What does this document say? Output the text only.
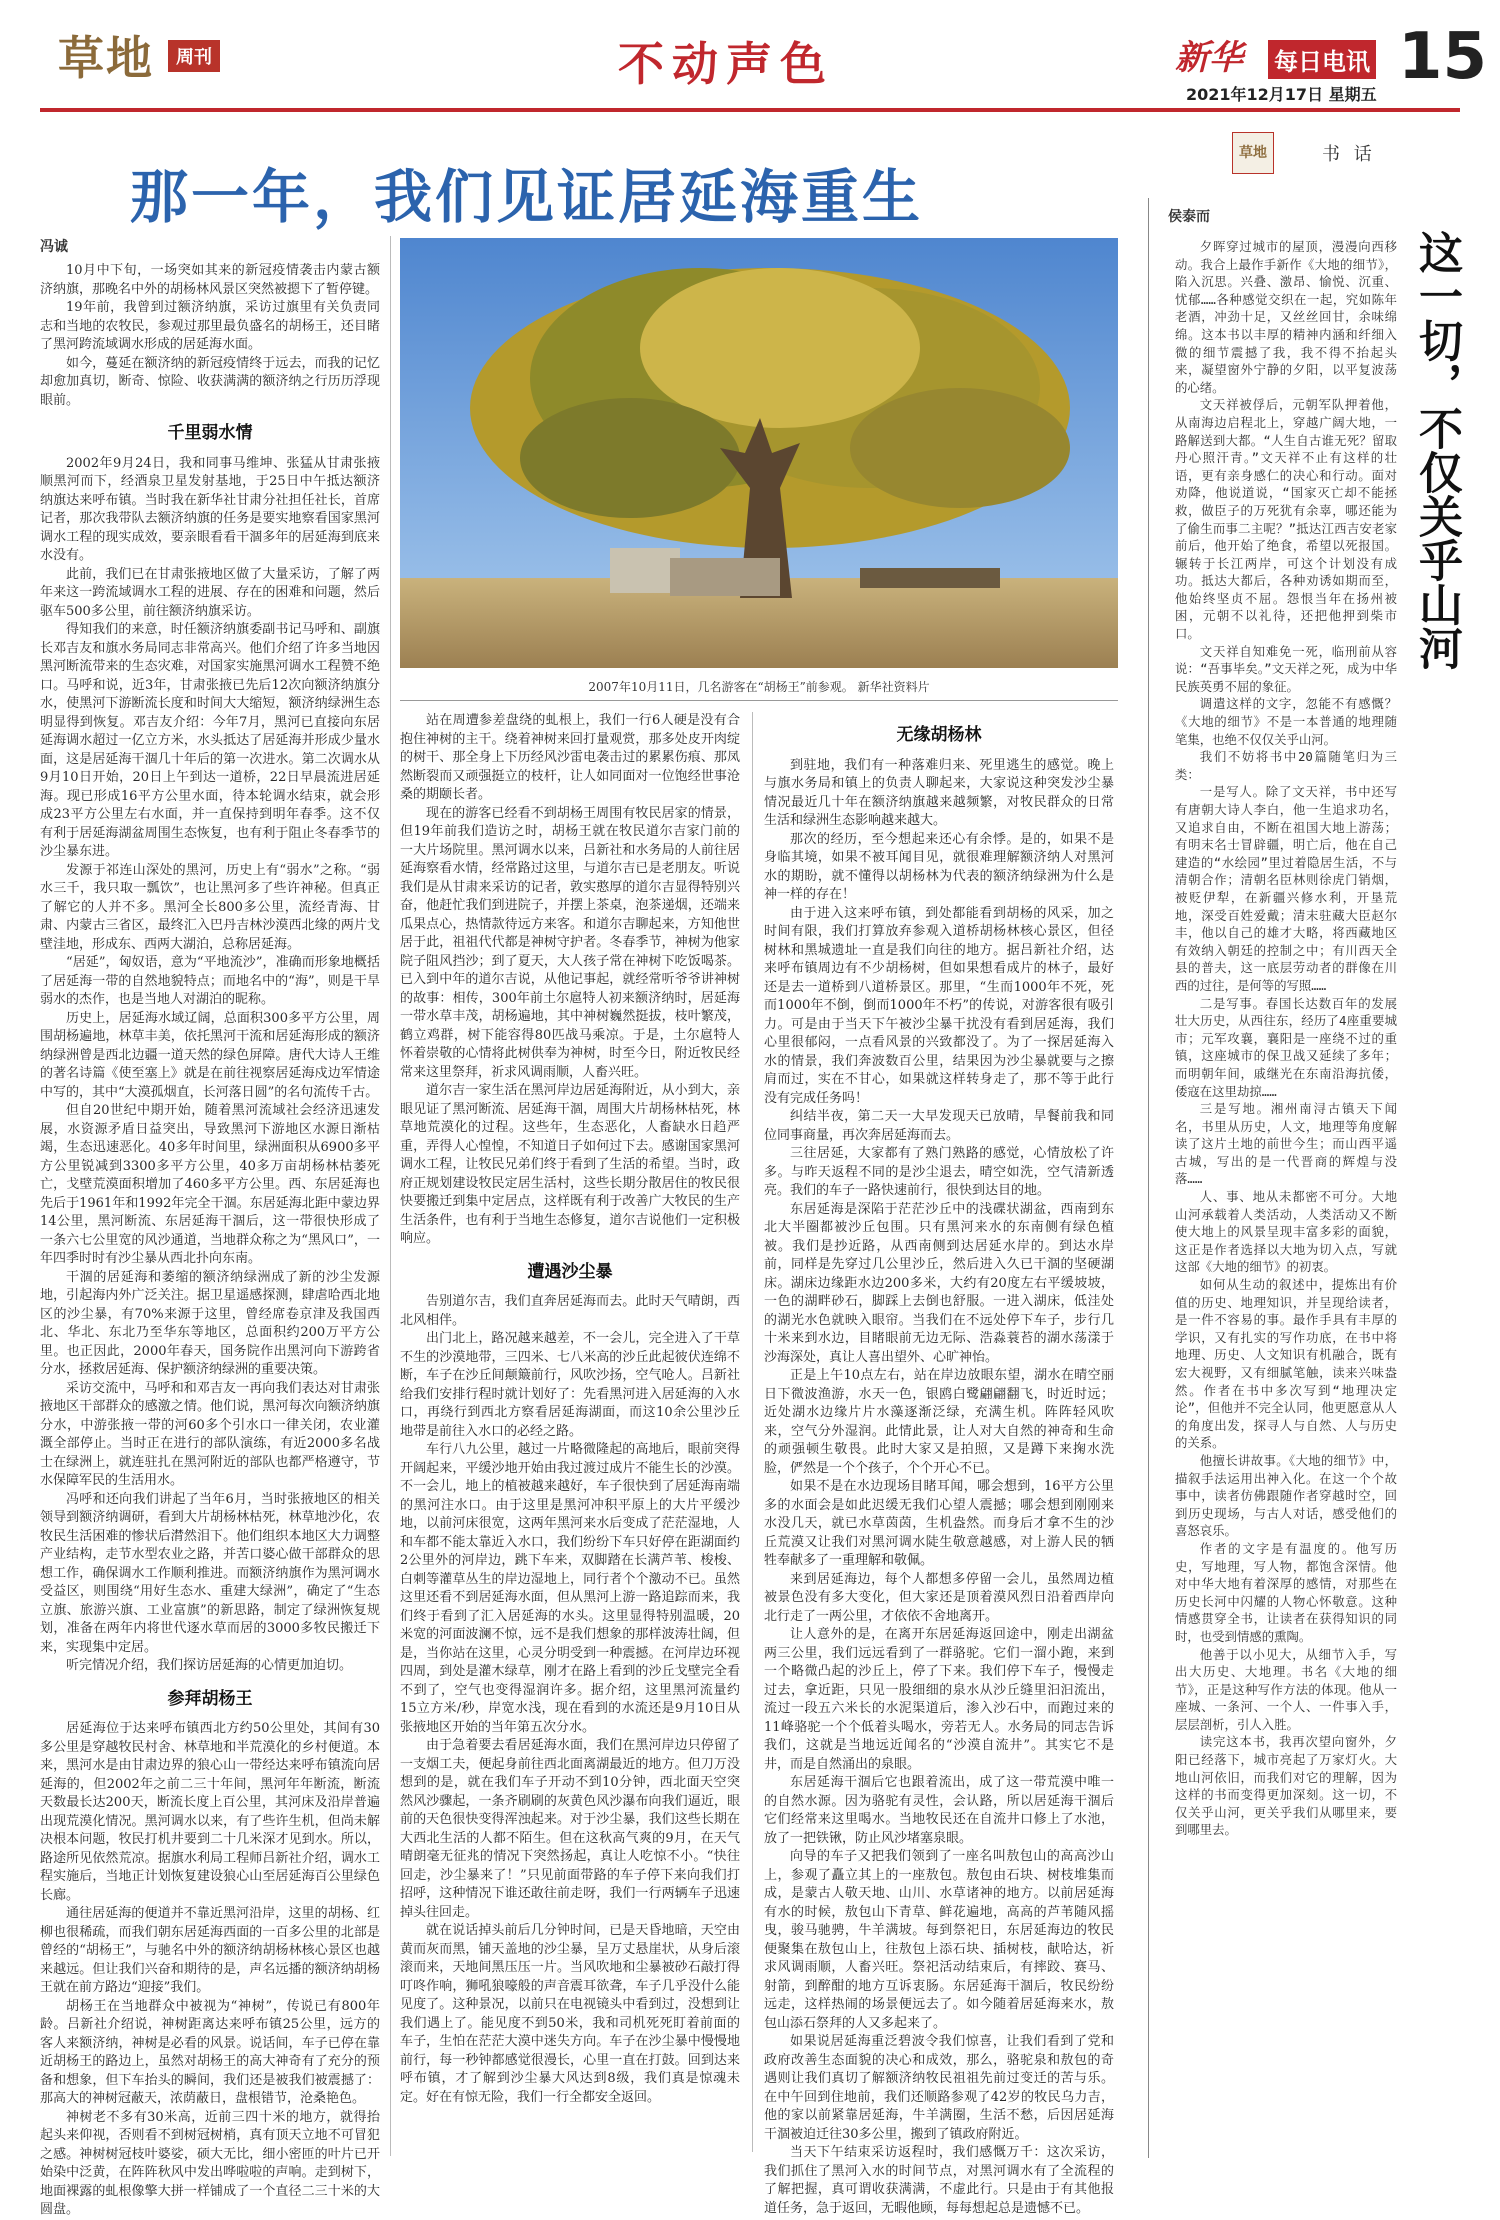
草地	周刊	不动声色	新华 每日电讯 15
2021年12月17日 星期五
那一年，我们见证居延海重生
草地	书 话
冯诚

10月中下旬，一场突如其来的新冠疫情袭击内蒙古额济纳旗，那晚名中外的胡杨林风景区突然被摁下了暂停键。

19年前，我曾到过额济纳旗，采访过旗里有关负责同志和当地的农牧民，参观过那里最负盛名的胡杨王，还目睹了黑河跨流域调水形成的居延海水面。

如今，蔓延在额济纳的新冠疫情终于远去，而我的记忆却愈加真切，断奇、惊险、收获满满的额济纳之行历历浮现眼前。

千里弱水情

2002年9月24日，我和同事马维坤、张猛从甘肃张掖顺黑河而下，经酒泉卫星发射基地，于25日中午抵达额济纳旗达来呼布镇。当时我在新华社甘肃分社担任社长，首席记者，那次我带队去额济纳旗的任务是要实地察看国家黑河调水工程的现实成效，要亲眼看看干涸多年的居延海到底来水没有。

此前，我们已在甘肃张掖地区做了大量采访，了解了两年来这一跨流域调水工程的进展、存在的困难和问题，然后驱车500多公里，前往额济纳旗采访。

得知我们的来意，时任额济纳旗委副书记马呼和、副旗长邓吉友和旗水务局同志非常高兴。他们介绍了许多当地因黑河断流带来的生态灾难，对国家实施黑河调水工程赞不绝口。马呼和说，近3年，甘肃张掖已先后12次向额济纳旗分水，使黑河下游断流长度和时间大大缩短，额济纳绿洲生态明显得到恢复。邓吉友介绍：今年7月，黑河已直接向东居延海调水超过一亿立方米，水头抵达了居延海并形成少量水面，这是居延海干涸几十年后的第一次进水。第二次调水从9月10日开始，20日上午到达一道桥，22日早晨流进居延海。现已形成16平方公里水面，待本轮调水结束，就会形成23平方公里左右水面，并一直保持到明年春季。这不仅有利于居延海湖盆周围生态恢复，也有利于阻止冬春季节的沙尘暴东进。

发源于祁连山深处的黑河，历史上有“弱水”之称。“弱水三千，我只取一瓢饮”，也让黑河多了些许神秘。但真正了解它的人并不多。黑河全长800多公里，流经青海、甘肃、内蒙古三省区，最终汇入巴丹吉林沙漠西北缘的两片戈壁洼地，形成东、西两大湖泊，总称居延海。

“居延”，匈奴语，意为“平地流沙”，准确而形象地概括了居延海一带的自然地貌特点；而地名中的“海”，则是干旱弱水的杰作，也是当地人对湖泊的昵称。

历史上，居延海水域辽阔，总面积300多平方公里，周围胡杨遍地，林草丰美，依托黑河干流和居延海形成的额济纳绿洲曾是西北边疆一道天然的绿色屏障。唐代大诗人王维的著名诗篇《使至塞上》就是在前往视察居延海戍边军情途中写的，其中“大漠孤烟直，长河落日圆”的名句流传千古。

但自20世纪中期开始，随着黑河流域社会经济迅速发展，水资源矛盾日益突出，导致黑河下游地区水源日渐枯竭，生态迅速恶化。40多年时间里，绿洲面积从6900多平方公里锐减到3300多平方公里，40多万亩胡杨林枯萎死亡，戈壁荒漠面积增加了460多平方公里。西、东居延海也先后于1961年和1992年完全干涸。东居延海北距中蒙边界14公里，黑河断流、东居延海干涸后，这一带很快形成了一条六七公里宽的风沙通道，当地群众称之为“黑风口”，一年四季时时有沙尘暴从西北扑向东南。

干涸的居延海和萎缩的额济纳绿洲成了新的沙尘发源地，引起海内外广泛关注。据卫星遥感探测，肆虐哈西北地区的沙尘暴，有70%来源于这里，曾经席卷京津及我国西北、华北、东北乃至华东等地区，总面积约200万平方公里。也正因此，2000年春天，国务院作出黑河向下游跨省分水，拯救居延海、保护额济纳绿洲的重要决策。

采访交流中，马呼和和邓吉友一再向我们表达对甘肃张掖地区干部群众的感激之情。他们说，黑河每次向额济纳旗分水，中游张掖一带的河60多个引水口一律关闭，农业灌溉全部停止。当时正在进行的部队演练，有近2000多名战士在绿洲上，就连驻扎在黑河附近的部队也都严格遵守，节水保障军民的生活用水。

冯呼和还向我们讲起了当年6月，当时张掖地区的相关领导到额济纳调研，看到大片胡杨林枯死，林草地沙化，农牧民生活困难的惨状后潸然泪下。他们组织本地区大力调整产业结构，走节水型农业之路，并苦口婆心做干部群众的思想工作，确保调水工作顺利推进。而额济纳旗作为黑河调水受益区，则围绕“用好生态水、重建大绿洲”，确定了“生态立旗、旅游兴旗、工业富旗”的新思路，制定了绿洲恢复规划，准备在两年内将世代逐水草而居的3000多牧民搬迁下来，实现集中定居。

听完情况介绍，我们探访居延海的心情更加迫切。

参拜胡杨王

居延海位于达来呼布镇西北方约50公里处，其间有30多公里是穿越牧民村舍、林草地和半荒漠化的乡村便道。本来，黑河水是由甘肃边界的狼心山一带经达来呼布镇流向居延海的，但2002年之前二三十年间，黑河年年断流，断流天数最长达200天，断流长度上百公里，其河床及沿岸普遍出现荒漠化情况。黑河调水以来，有了些许生机，但尚未解决根本问题，牧民打机井要到二十几米深才见到水。所以，路途所见依然荒凉。据旗水利局工程师吕新社介绍，调水工程实施后，当地正计划恢复建设狼心山至居延海百公里绿色长廊。

通往居延海的便道并不靠近黑河沿岸，这里的胡杨、红柳也很稀疏，而我们朝东居延海西面的一百多公里的北部是曾经的“胡杨王”，与驰名中外的额济纳胡杨林核心景区也越来越远。但让我们兴奋和期待的是，声名远播的额济纳胡杨王就在前方路边“迎接”我们。

胡杨王在当地群众中被视为“神树”，传说已有800年龄。吕新社介绍说，神树距离达来呼布镇25公里，远方的客人来额济纳，神树是必看的风景。说话间，车子已停在靠近胡杨王的路边上，虽然对胡杨王的高大神奇有了充分的预备和想象，但下车抬头的瞬间，我们还是被我们被震撼了：那高大的神树冠蔽天，浓荫蔽日，盘根错节，沧桑艳色。

神树老不多有30米高，近前三四十米的地方，就得抬起头来仰视，否则看不到树冠树梢，真有顶天立地不可冒犯之感。神树树冠枝叶婆娑，硕大无比，细小密匝的叶片已开始染中泛黄，在阵阵秋风中发出哗啦啦的声响。走到树下，地面裸露的虬根像擎大拼一样铺成了一个直径二三十米的大圆盘。

2007年10月11日，几名游客在“胡杨王”前参观。 新华社资料片

站在周遭参差盘绕的虬根上，我们一行6人硬是没有合抱住神树的主干。绕着神树来回打量观赏，那多处皮开肉绽的树干、那全身上下历经风沙雷电袭击过的累累伤痕、那凤然断裂而又顽强挺立的枝杆，让人如同面对一位饱经世事沧桑的期颐长者。

现在的游客已经看不到胡杨王周围有牧民居家的情景，但19年前我们造访之时，胡杨王就在牧民道尔吉家门前的一大片场院里。黑河调水以来，吕新社和水务局的人前往居延海察看水情，经常路过这里，与道尔吉已是老朋友。听说我们是从甘肃来采访的记者，敦实憨厚的道尔吉显得特别兴奋，他赶忙我们到进院子，并摆上茶桌，泡茶递烟，还端来瓜果点心，热情款待远方来客。和道尔吉聊起来，方知他世居于此，祖祖代代都是神树守护者。冬春季节，神树为他家院子阻风挡沙；到了夏天，大人孩子常在神树下吃饭喝茶。已入到中年的道尔吉说，从他记事起，就经常听爷爷讲神树的故事：相传，300年前土尔扈特人初来额济纳时，居延海一带水草丰茂，胡杨遍地，其中神树巍然挺拔，枝叶繁茂，鹤立鸡群，树下能容得80匹战马乘凉。于是，土尔扈特人怀着崇敬的心情将此树供奉为神树，时至今日，附近牧民经常来这里祭拜，祈求风调雨顺，人畜兴旺。

道尔吉一家生活在黑河岸边居延海附近，从小到大，亲眼见证了黑河断流、居延海干涸，周围大片胡杨林枯死，林草地荒漠化的过程。这些年，生态恶化，人畜缺水日趋严重，弄得人心惶惶，不知道日子如何过下去。感谢国家黑河调水工程，让牧民兄弟们终于看到了生活的希望。当时，政府正规划建设牧民定居生活村，这些长期分散居住的牧民很快要搬迁到集中定居点，这样既有利于改善广大牧民的生产生活条件，也有利于当地生态修复，道尔吉说他们一定积极响应。

遭遇沙尘暴

告别道尔吉，我们直奔居延海而去。此时天气晴朗，西北风相伴。

出门北上，路况越来越差，不一会儿，完全进入了干草不生的沙漠地带，三四米、七八米高的沙丘此起彼伏连绵不断，车子在沙丘间颠簸前行，风吹沙扬，空气呛人。吕新社给我们安排行程时就计划好了：先看黑河进入居延海的入水口，再绕行到西北方察看居延海湖面，而这10余公里沙丘地带是前往入水口的必经之路。

车行八九公里，越过一片略微隆起的高地后，眼前突得开阔起来，平缓沙地开始由我过渡过成片不能生长的沙漠。不一会儿，地上的植被越来越好，车子很快到了居延海南端的黑河注水口。由于这里是黑河冲积平原上的大片平缓沙地，以前河床很宽，这两年黑河来水后变成了茫茫湿地，人和车都不能太靠近入水口，我们纷纷下车只好停在距湖面约2公里外的河岸边，跳下车来，双脚踏在长满芦苇、梭梭、白刺等灌草丛生的岸边湿地上，同行者个个激动不已。虽然这里还看不到居延海水面，但从黑河上游一路追踪而来，我们终于看到了汇入居延海的水头。这里显得特别温暖，20米宽的河面波澜不惊，远不是我们想象的那样波涛壮阔，但是，当你站在这里，心灵分明受到一种震撼。在河岸边环视四周，到处是灌木绿草，刚才在路上看到的沙丘戈壁完全看不到了，空气也变得湿润许多。据介绍，这里黑河流量约15立方米/秒，岸宽水浅，现在看到的水流还是9月10日从张掖地区开始的当年第五次分水。

由于急着要去看居延海水面，我们在黑河岸边只停留了一支烟工夫，便起身前往西北面离湖最近的地方。但刀万没想到的是，就在我们车子开动不到10分钟，西北面天空突然风沙骤起，一条齐刷刷的灰黄色风沙瀑布向我们逼近，眼前的天色很快变得浑浊起来。对于沙尘暴，我们这些长期在大西北生活的人都不陌生。但在这秋高气爽的9月，在天气晴朗毫无征兆的情况下突然扬起，真让人吃惊不小。“快往回走，沙尘暴来了！”只见前面带路的车子停下来向我们打招呼，这种情况下谁还敢往前走呀，我们一行两辆车子迅速掉头往回走。

就在说话掉头前后几分钟时间，已是天昏地暗，天空由黄而灰而黑，铺天盖地的沙尘暴，呈万丈悬崖状，从身后滚滚而来，天地间黑压压一片。当风吹地和尘暴被砂石敲打得叮咚作响，狮吼狼嚎般的声音震耳欲聋，车子几乎没什么能见度了。这种景况，以前只在电视镜头中看到过，没想到让我们遇上了。能见度不到50米，我和司机死死盯着前面的车子，生怕在茫茫大漠中迷失方向。车子在沙尘暴中慢慢地前行，每一秒钟都感觉很漫长，心里一直在打鼓。回到达来呼布镇，才了解到沙尘暴大风达到8级，我们真是惊魂未定。好在有惊无险，我们一行全都安全返回。

无缘胡杨林

到驻地，我们有一种落难归来、死里逃生的感觉。晚上与旗水务局和镇上的负责人聊起来，大家说这种突发沙尘暴情况最近几十年在额济纳旗越来越频繁，对牧民群众的日常生活和绿洲生态影响越来越大。

那次的经历，至今想起来还心有余悸。是的，如果不是身临其境，如果不被耳闻目见，就很难理解额济纳人对黑河水的期盼，就不懂得以胡杨林为代表的额济纳绿洲为什么是神一样的存在！

由于进入这来呼布镇，到处都能看到胡杨的风采，加之时间有限，我们打算放弃参观入道桥胡杨林核心景区，但径树林和黑城遗址一直是我们向往的地方。据吕新社介绍，达来呼布镇周边有不少胡杨树，但如果想看成片的林子，最好还是去一道桥到八道桥景区。那里，“生而1000年不死，死而1000年不倒，倒而1000年不朽”的传说，对游客很有吸引力。可是由于当天下午被沙尘暴干扰没有看到居延海，我们心里很郁闷，一点看风景的兴致都没了。为了一探居延海入水的情景，我们奔波数百公里，结果因为沙尘暴就要与之擦肩而过，实在不甘心，如果就这样转身走了，那不等于此行没有完成任务吗！

纠结半夜，第二天一大早发现天已放晴，旱餐前我和同位同事商量，再次奔居延海而去。

三往居延，大家都有了熟门熟路的感觉，心情放松了许多。与昨天返程不同的是沙尘退去，晴空如洗，空气清新透亮。我们的车子一路快速前行，很快到达目的地。

东居延海是深陷于茫茫沙丘中的浅碟状湖盆，西南到东北大半圈都被沙丘包围。只有黑河来水的东南侧有绿色植被。我们是抄近路，从西南侧到达居延水岸的。到达水岸前，同样是先穿过几公里沙丘，然后进入久已干涸的坚硬湖床。湖床边缘距水边200多米，大约有20度左右平缓坡坡，一色的湖畔砂石，脚踩上去倒也舒服。一进入湖床，低洼处的湖光水色就映入眼帘。当我们在不远处停下车子，步行几十米来到水边，目睹眼前无边无际、浩淼蓑苔的湖水荡漾于沙海深处，真让人喜出望外、心旷神怡。

正是上午10点左右，站在岸边放眼东望，湖水在晴空丽日下微波渔游，水天一色，银鸥白鹭翩翩翻飞，时近时远；近处湖水边缘片片水藻逐渐泛绿，充满生机。阵阵轻风吹来，空气分外湿润。此情此景，让人对大自然的神奇和生命的顽强顿生敬畏。此时大家又是拍照，又是蹲下来掬水洗脸，俨然是一个个孩子，个个开心不已。

如果不是在水边现场目睹耳闻，哪会想到，16平方公里多的水面会是如此迟缓无我们心望人震撼；哪会想到刚刚来水没几天，就已水草茵茵，生机盎然。而身后才拿不生的沙丘荒漠又让我们对黑河调水陡生敬意越感，对上游人民的牺牲奉献多了一重理解和敬佩。

来到居延海边，每个人都想多停留一会儿，虽然周边植被景色没有多大变化，但大家还是顶着漠风烈日沿着西岸向北行走了一两公里，才依依不舍地离开。

让人意外的是，在离开东居延海返回途中，刚走出湖盆两三公里，我们远远看到了一群骆驼。它们一溜小跑，来到一个略微凸起的沙丘上，停了下来。我们停下车子，慢慢走过去，拿近距，只见一股细细的泉水从沙丘缝里汩汩流出，流过一段五六米长的水泥渠道后，渗入沙石中，而跑过来的11峰骆驼一个个低着头喝水，旁若无人。水务局的同志告诉我们，这就是当地远近闻名的“沙漠自流井”。其实它不是井，而是自然涌出的泉眼。

东居延海干涸后它也跟着流出，成了这一带荒漠中唯一的自然水源。因为骆驼有灵性，会认路，所以居延海干涸后它们经常来这里喝水。当地牧民还在自流井口修上了水池，放了一把铁锹，防止风沙堵塞泉眼。

向导的车子又把我们领到了一座名叫敖包山的高高沙山上，参观了矗立其上的一座敖包。敖包由石块、树枝堆集而成，是蒙古人敬天地、山川、水草诸神的地方。以前居延海有水的时候，敖包山下青草、鲜花遍地，高高的芦苇随风摇曳，骏马驰骋，牛羊满坡。每到祭祀日，东居延海边的牧民便聚集在敖包山上，往敖包上添石块、插树枝，献哈达，祈求风调雨顺，人畜兴旺。祭祀活动结束后，有摔跤、赛马、射箭，到醉酣的地方互诉衷肠。东居延海干涸后，牧民纷纷远走，这样热闹的场景便远去了。如今随着居延海来水，敖包山添石祭拜的人又多起来了。

如果说居延海重泛碧波令我们惊喜，让我们看到了党和政府改善生态面貌的决心和成效，那么，骆驼泉和敖包的奇遇则让我们真切了解额济纳牧民祖祖先前过变迁的苦与乐。在中午回到住地前，我们还顺路参观了42岁的牧民乌力吉，他的家以前紧靠居延海，牛羊满圈，生活不愁，后因居延海干涸被迫迁往30多公里，搬到了镇政府附近。

当天下午结束采访返程时，我们感慨万千：这次采访，我们抓住了黑河入水的时间节点，对黑河调水有了全流程的了解把握，真可谓收获满满，不虚此行。只是由于有其他报道任务，急于返回，无暇他顾，每每想起总是遗憾不已。

侯泰而
这一切，不仅关乎山河

夕晖穿过城市的屋顶，漫漫向西移动。我合上最作手新作《大地的细节》，陷入沉思。兴叠、激昂、愉悦、沉重、忧郁……各种感觉交织在一起，究如陈年老酒，冲劲十足，又丝丝回甘，余味绵绵。这本书以丰厚的精神内涵和纤细入微的细节震撼了我，我不得不抬起头来，凝望窗外宁静的夕阳，以平复波荡的心绪。

文天祥被俘后，元朝军队押着他，从南海边启程北上，穿越广阔大地，一路解送到大都。“人生自古谁无死？留取丹心照汗青。”文天祥不止有这样的壮语，更有亲身感仁的决心和行动。面对劝降，他说道说，“国家灭亡却不能拯救，做臣子的万死犹有余辜，哪还能为了偷生而事二主呢？”抵达江西吉安老家前后，他开始了绝食，希望以死报国。辗转于长江两岸，可这个计划没有成功。抵达大都后，各种劝诱如期而至，他始终坚贞不屈。怨恨当年在扬州被困，元朝不以礼待，还把他押到柴市口。

文天祥自知难免一死，临刑前从容说：“吾事毕矣。”文天祥之死，成为中华民族英勇不屈的象征。

调遣这样的文字，忽能不有感慨？《大地的细节》不是一本普通的地理随笔集，也绝不仅仅关乎山河。

我们不妨将书中20篇随笔归为三类：

一是写人。除了文天祥，书中还写有唐朝大诗人李白，他一生追求功名，又追求自由，不断在祖国大地上游荡；有明末名士冒辟疆，明亡后，他在自己建造的“水绘园”里过着隐居生活，不与清朝合作；清朝名臣林则徐虎门销烟，被贬伊犁，在新疆兴修水利，开垦荒地，深受百姓爱戴；清末驻藏大臣赵尔丰，他以自己的雄才大略，将西藏地区有效纳入朝廷的控制之中；有川西天全县的普夫，这一底层劳动者的群像在川西的过往，是何等的写照……

二是写事。春国长达数百年的发展壮大历史，从西往东，经历了4座重要城市；元军攻襄，襄阳是一座绕不过的重镇，这座城市的保卫战又延续了多年；而明朝年间，戚继光在东南沿海抗倭，倭寇在这里劫掠……

三是写地。湘州南浔古镇天下闻名，书里从历史，人文，地理等角度解读了这片土地的前世今生；而山西平遥古城，写出的是一代晋商的辉煌与没落……

人、事、地从未都密不可分。大地山河承载着人类活动，人类活动又不断使大地上的风景呈现丰富多彩的面貌，这正是作者选择以大地为切入点，写就这部《大地的细节》的初衷。

如何从生动的叙述中，提炼出有价值的历史、地理知识，并呈现给读者，是一件不容易的事。最作手具有丰厚的学识，又有扎实的写作功底，在书中将地理、历史、人文知识有机融合，既有宏大视野，又有细腻笔触，读来兴味盎然。作者在书中多次写到“地理决定论”，但他并不完全认同，他更愿意从人的角度出发，探寻人与自然、人与历史的关系。

他擅长讲故事。《大地的细节》中，描叙手法运用出神入化。在这一个个故事中，读者仿佛跟随作者穿越时空，回到历史现场，与古人对话，感受他们的喜怒哀乐。

作者的文字是有温度的。他写历史，写地理，写人物，都饱含深情。他对中华大地有着深厚的感情，对那些在历史长河中闪耀的人物心怀敬意。这种情感贯穿全书，让读者在获得知识的同时，也受到情感的熏陶。

他善于以小见大，从细节入手，写出大历史、大地理。书名《大地的细节》，正是这种写作方法的体现。他从一座城、一条河、一个人、一件事入手，层层剖析，引人入胜。

读完这本书，我再次望向窗外，夕阳已经落下，城市亮起了万家灯火。大地山河依旧，而我们对它的理解，因为这样的书而变得更加深刻。这一切，不仅关乎山河，更关乎我们从哪里来，要到哪里去。
